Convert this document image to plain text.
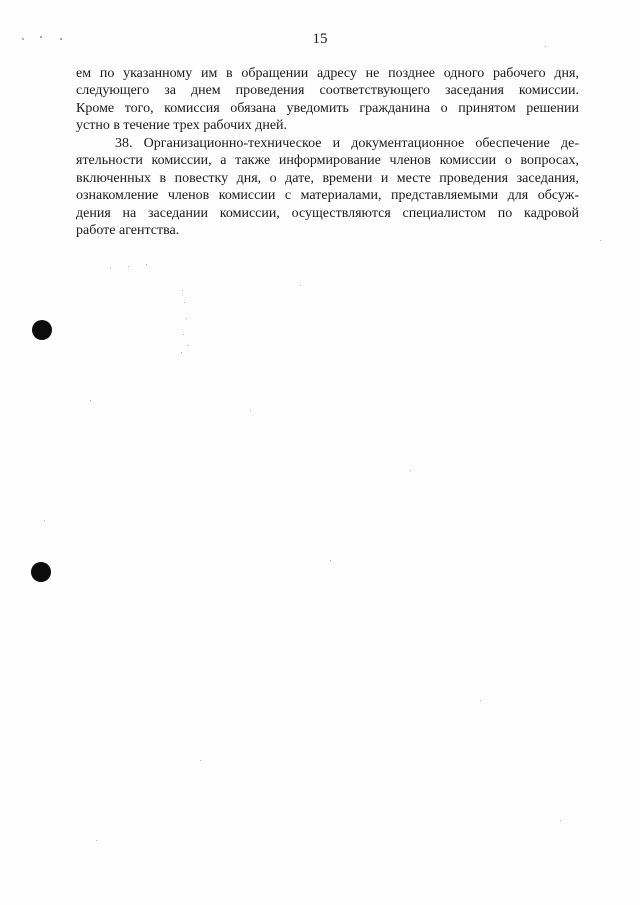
15
ем по указанному им в обращении адресу не позднее одного рабочего дня,
следующего за днем проведения соответствующего заседания комиссии.
Кроме того, комиссия обязана уведомить гражданина о принятом решении
устно в течение трех рабочих дней.
38. Организационно-техническое и документационное обеспечение де-
ятельности комиссии, а также информирование членов комиссии о вопросах,
включенных в повестку дня, о дате, времени и месте проведения заседания,
ознакомление членов комиссии с материалами, представляемыми для обсуж-
дения на заседании комиссии, осуществляются специалистом по кадровой
работе агентства.
